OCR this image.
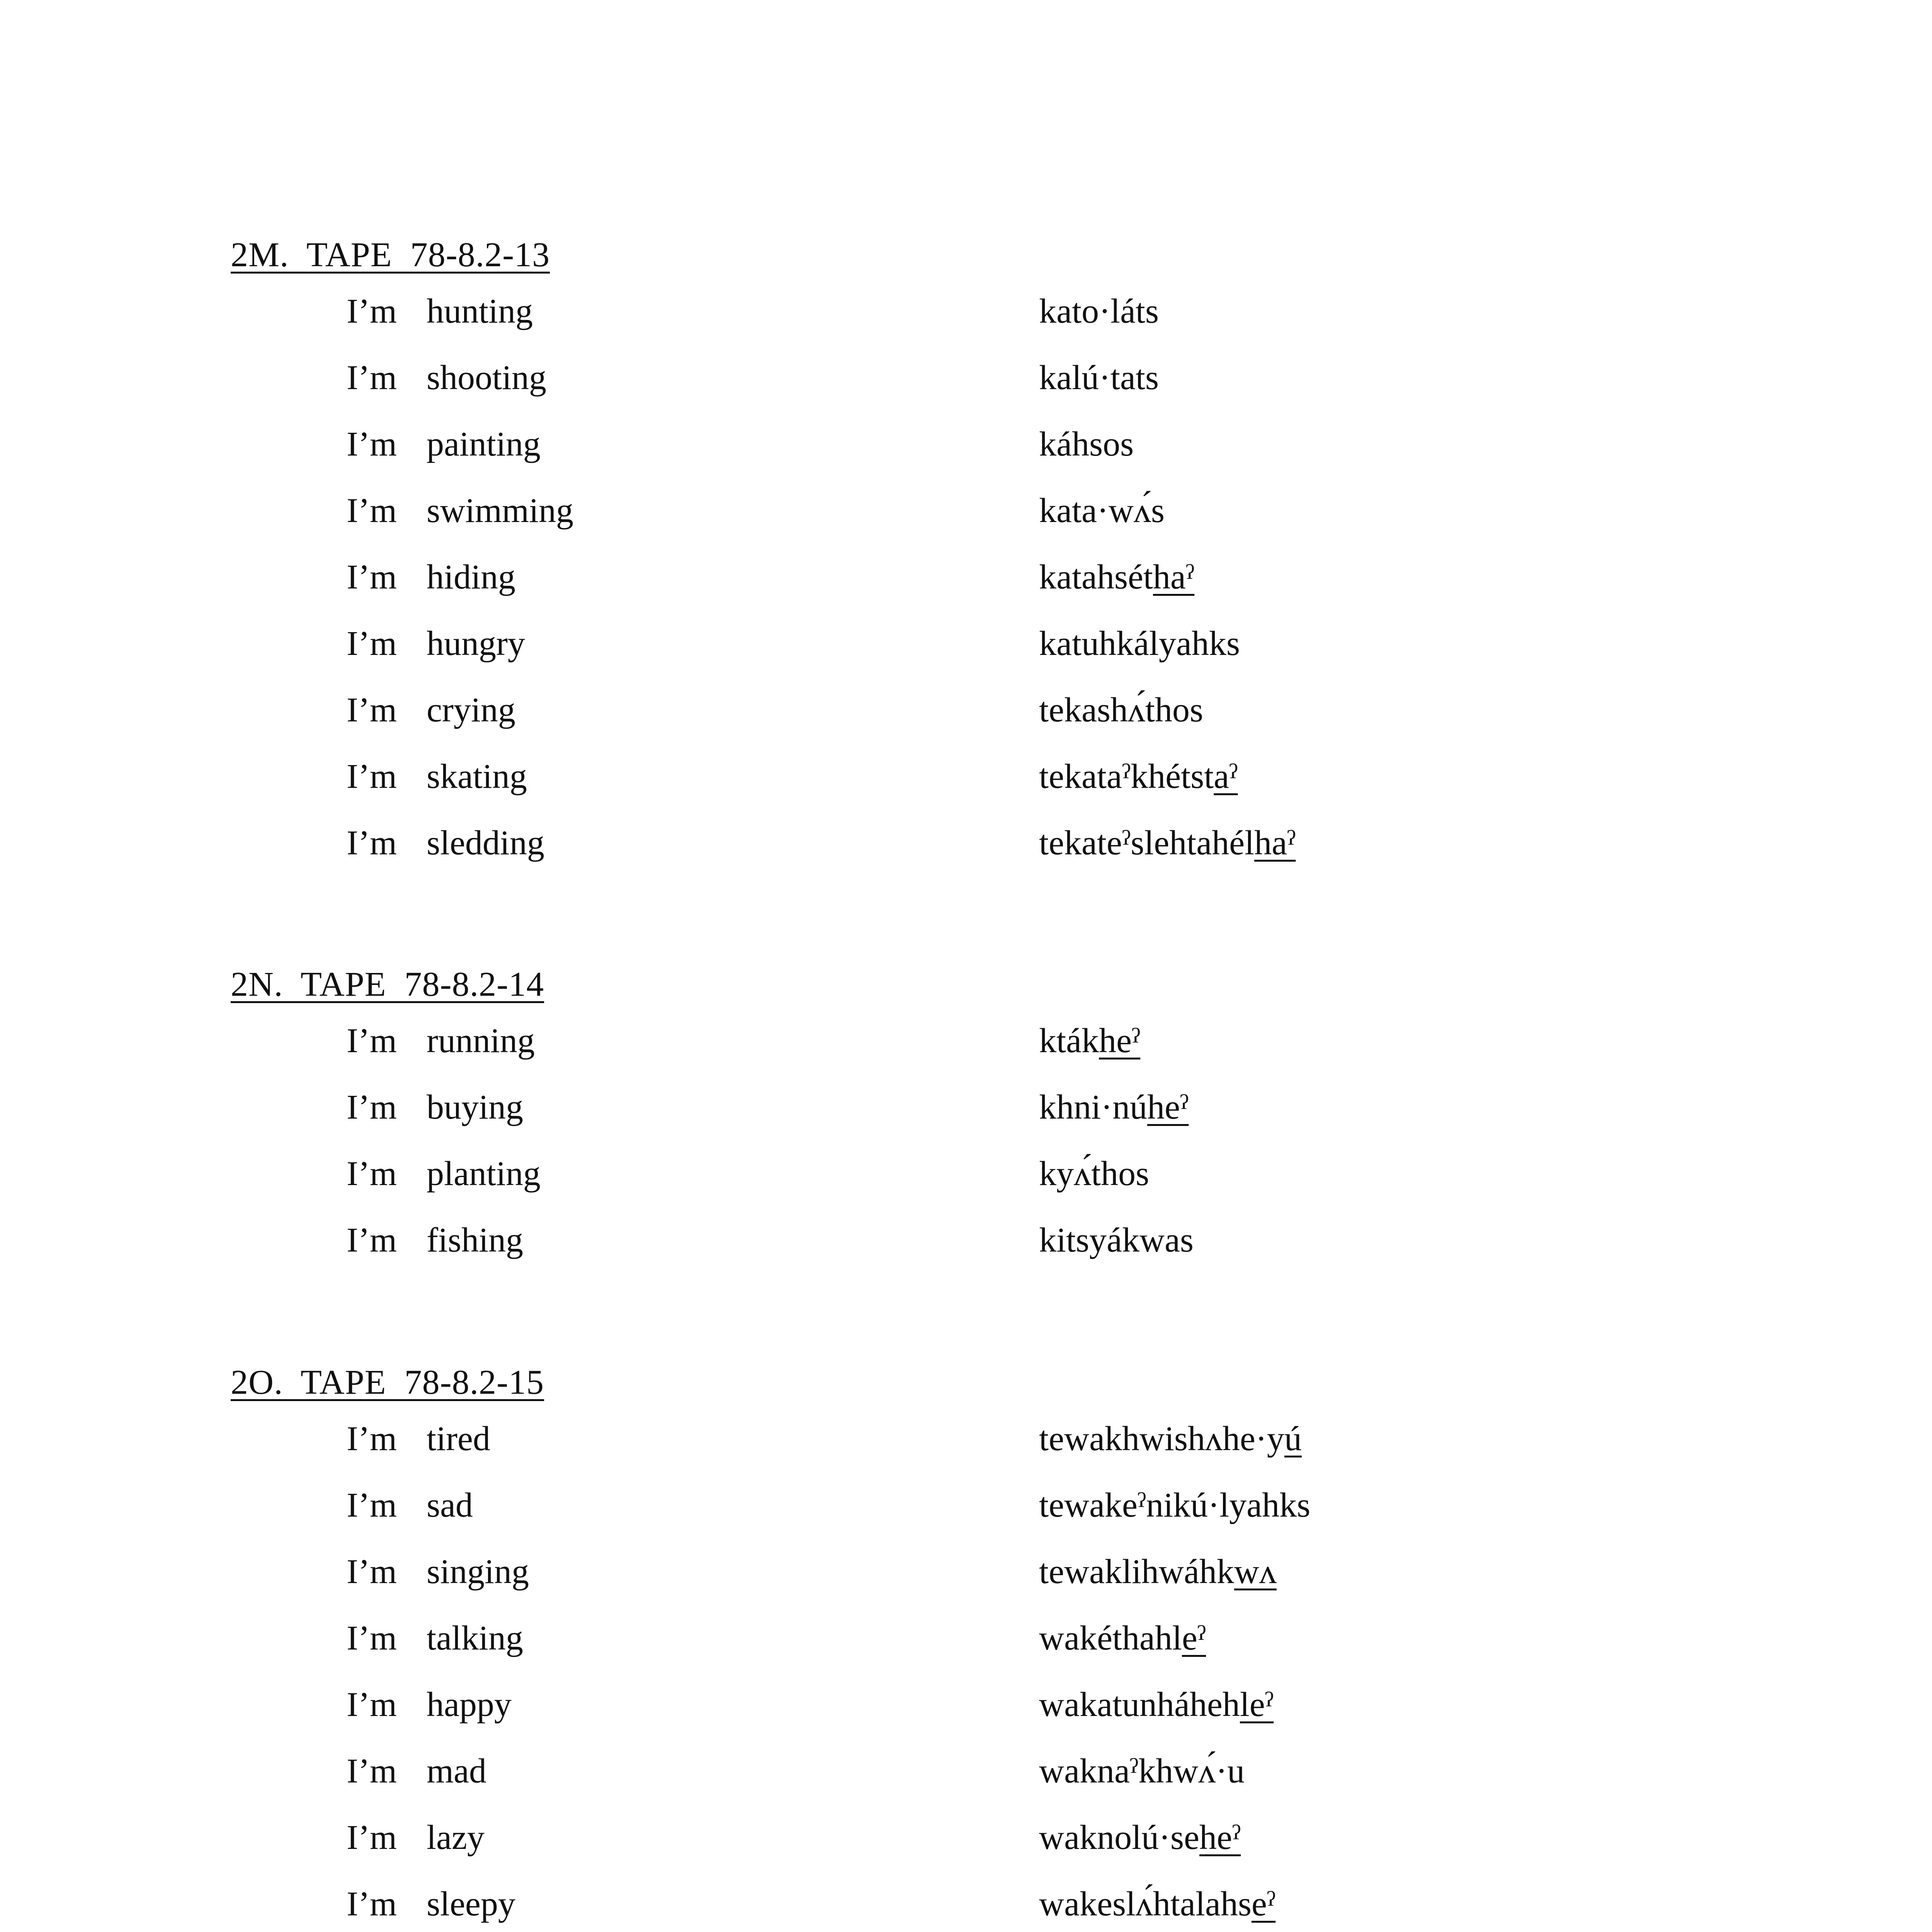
2M.  TAPE  78-8.2-13
I’m  hunting	kato·láts
I’m  shooting	kalú·tats
I’m  painting	káhsos
I’m  swimming	kata·wʌ́s
I’m  hiding	katahséthaˀ
I’m  hungry	katuhkályahks
I’m  crying	tekashʌ́thos
I’m  skating	tekataˀkhétstaˀ
I’m  sledding	tekateˀslehtahélhaˀ
2N.  TAPE  78-8.2-14
I’m  running	ktákheˀ
I’m  buying	khni·núheˀ
I’m  planting	kyʌ́thos
I’m  fishing	kitsyákwas
2O.  TAPE  78-8.2-15
I’m  tired	tewakhwishʌhe·yú
I’m  sad	tewakeˀnikú·lyahks
I’m  singing	tewaklihwáhkwʌ
I’m  talking	wakéthahleˀ
I’m  happy	wakatunháhehleˀ
I’m  mad	waknaˀkhwʌ́·u
I’m  lazy	waknolú·seheˀ
I’m  sleepy	wakeslʌ́htalahseˀ
